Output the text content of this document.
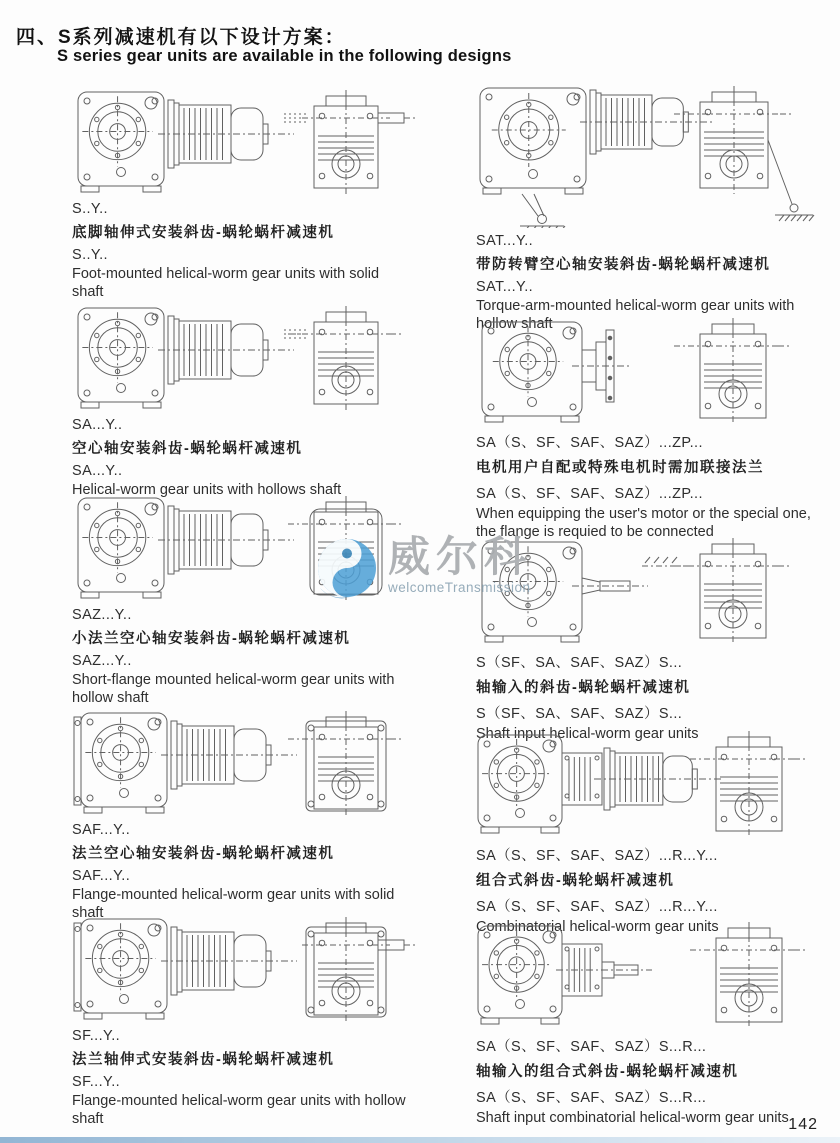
四、S系列减速机有以下设计方案：
S series gear units are available in the following designs
S..Y..
底脚轴伸式安装斜齿-蜗轮蜗杆减速机
S..Y..
Foot-mounted helical-worm gear units with solid shaft
SA...Y..
空心轴安装斜齿-蜗轮蜗杆减速机
SA...Y..
Helical-worm gear units with hollows shaft
SAZ...Y..
小法兰空心轴安装斜齿-蜗轮蜗杆减速机
SAZ...Y..
Short-flange mounted helical-worm gear units with hollow shaft
SAF...Y..
法兰空心轴安装斜齿-蜗轮蜗杆减速机
SAF...Y..
Flange-mounted helical-worm gear units with solid shaft
SF...Y..
法兰轴伸式安装斜齿-蜗轮蜗杆减速机
SF...Y..
Flange-mounted helical-worm gear units with hollow shaft
SAT...Y..
带防转臂空心轴安装斜齿-蜗轮蜗杆减速机
SAT...Y..
Torque-arm-mounted helical-worm gear units with hollow shaft
SA（S、SF、SAF、SAZ）...ZP...
电机用户自配或特殊电机时需加联接法兰
SA（S、SF、SAF、SAZ）...ZP...
When equipping the user's motor or the special one, the flange is requied to be connected
S（SF、SA、SAF、SAZ）S...
轴输入的斜齿-蜗轮蜗杆减速机
S（SF、SA、SAF、SAZ）S...
Shaft input helical-worm gear units
SA（S、SF、SAF、SAZ）...R...Y...
组合式斜齿-蜗轮蜗杆减速机
SA（S、SF、SAF、SAZ）...R...Y...
Combinatorial helical-worm gear units
SA（S、SF、SAF、SAZ）S...R...
轴输入的组合式斜齿-蜗轮蜗杆减速机
SA（S、SF、SAF、SAZ）S...R...
Shaft input combinatorial helical-worm gear units
威尔科
welcomeTransmission
142
